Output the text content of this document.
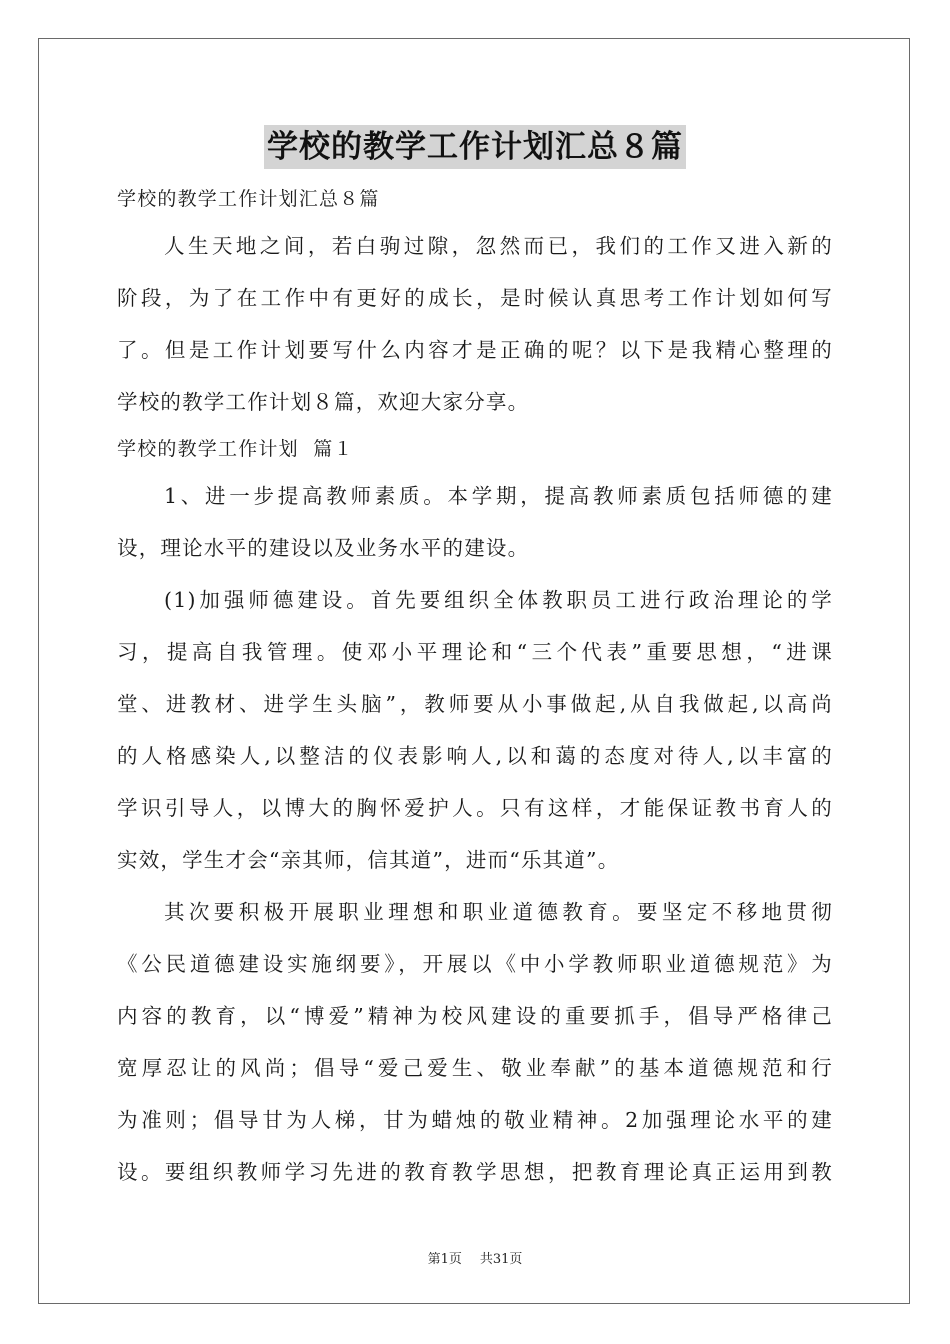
学校的教学工作计划汇总８篇
学校的教学工作计划汇总８篇
人生天地之间，若白驹过隙，忽然而已，我们的工作又进入新的
阶段，为了在工作中有更好的成长，是时候认真思考工作计划如何写
了。但是工作计划要写什么内容才是正确的呢？以下是我精心整理的
学校的教学工作计划８篇，欢迎大家分享。
学校的教学工作计划  篇１
1、进一步提高教师素质。本学期，提高教师素质包括师德的建
设，理论水平的建设以及业务水平的建设。
(1)加强师德建设。首先要组织全体教职员工进行政治理论的学
习，提高自我管理。使邓小平理论和“三个代表”重要思想，“进课
堂、进教材、进学生头脑”，教师要从小事做起,从自我做起,以高尚
的人格感染人,以整洁的仪表影响人,以和蔼的态度对待人,以丰富的
学识引导人，以博大的胸怀爱护人。只有这样，才能保证教书育人的
实效，学生才会“亲其师，信其道”，进而“乐其道”。
其次要积极开展职业理想和职业道德教育。要坚定不移地贯彻
《公民道德建设实施纲要》，开展以《中小学教师职业道德规范》为
内容的教育，以“博爱”精神为校风建设的重要抓手，倡导严格律己
宽厚忍让的风尚；倡导“爱己爱生、敬业奉献”的基本道德规范和行
为准则；倡导甘为人梯，甘为蜡烛的敬业精神。2加强理论水平的建
设。要组织教师学习先进的教育教学思想，把教育理论真正运用到教
第1页 共31页
